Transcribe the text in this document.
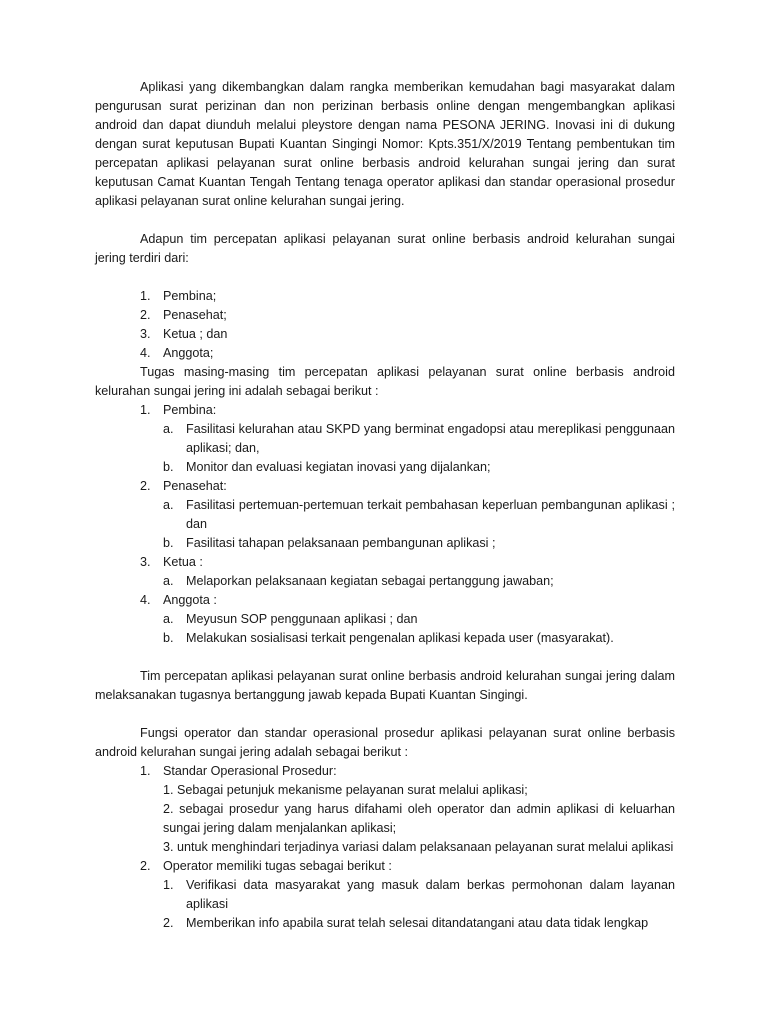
Aplikasi yang dikembangkan dalam rangka memberikan kemudahan bagi masyarakat dalam pengurusan surat perizinan dan non perizinan berbasis online dengan mengembangkan aplikasi android dan dapat diunduh melalui pleystore dengan nama PESONA JERING. Inovasi ini di dukung dengan surat keputusan Bupati Kuantan Singingi Nomor: Kpts.351/X/2019 Tentang pembentukan tim percepatan aplikasi pelayanan surat online berbasis android kelurahan sungai jering dan surat keputusan Camat Kuantan Tengah Tentang tenaga operator aplikasi dan standar operasional prosedur aplikasi pelayanan surat online kelurahan sungai jering.

Adapun tim percepatan aplikasi pelayanan surat online berbasis android kelurahan sungai jering terdiri dari:

1. Pembina;
2. Penasehat;
3. Ketua ; dan
4. Anggota;

Tugas masing-masing tim percepatan aplikasi pelayanan surat online berbasis android kelurahan sungai jering ini adalah sebagai berikut :

1. Pembina:
a. Fasilitasi kelurahan atau SKPD yang berminat engadopsi atau mereplikasi penggunaan aplikasi; dan,
b. Monitor dan evaluasi kegiatan inovasi yang dijalankan;
2. Penasehat:
a. Fasilitasi pertemuan-pertemuan terkait pembahasan keperluan pembangunan aplikasi ; dan
b. Fasilitasi tahapan pelaksanaan pembangunan aplikasi ;
3. Ketua :
a. Melaporkan pelaksanaan kegiatan sebagai pertanggung jawaban;
4. Anggota :
a. Meyusun SOP penggunaan aplikasi ; dan
b. Melakukan sosialisasi terkait pengenalan aplikasi kepada user (masyarakat).

Tim percepatan aplikasi pelayanan surat online berbasis android kelurahan sungai jering dalam melaksanakan tugasnya bertanggung jawab kepada Bupati Kuantan Singingi.

Fungsi operator dan standar operasional prosedur aplikasi pelayanan surat online berbasis android kelurahan sungai jering adalah sebagai berikut :

1. Standar Operasional Prosedur:

1. Sebagai petunjuk mekanisme pelayanan surat melalui aplikasi;

2. sebagai prosedur yang harus difahami oleh operator dan admin aplikasi di keluarhan sungai jering dalam menjalankan aplikasi;

3. untuk menghindari terjadinya variasi dalam pelaksanaan pelayanan surat melalui aplikasi

2. Operator memiliki tugas sebagai berikut :
1. Verifikasi data masyarakat yang masuk dalam berkas permohonan dalam layanan aplikasi
2. Memberikan info apabila surat telah selesai ditandatangani atau data tidak lengkap
